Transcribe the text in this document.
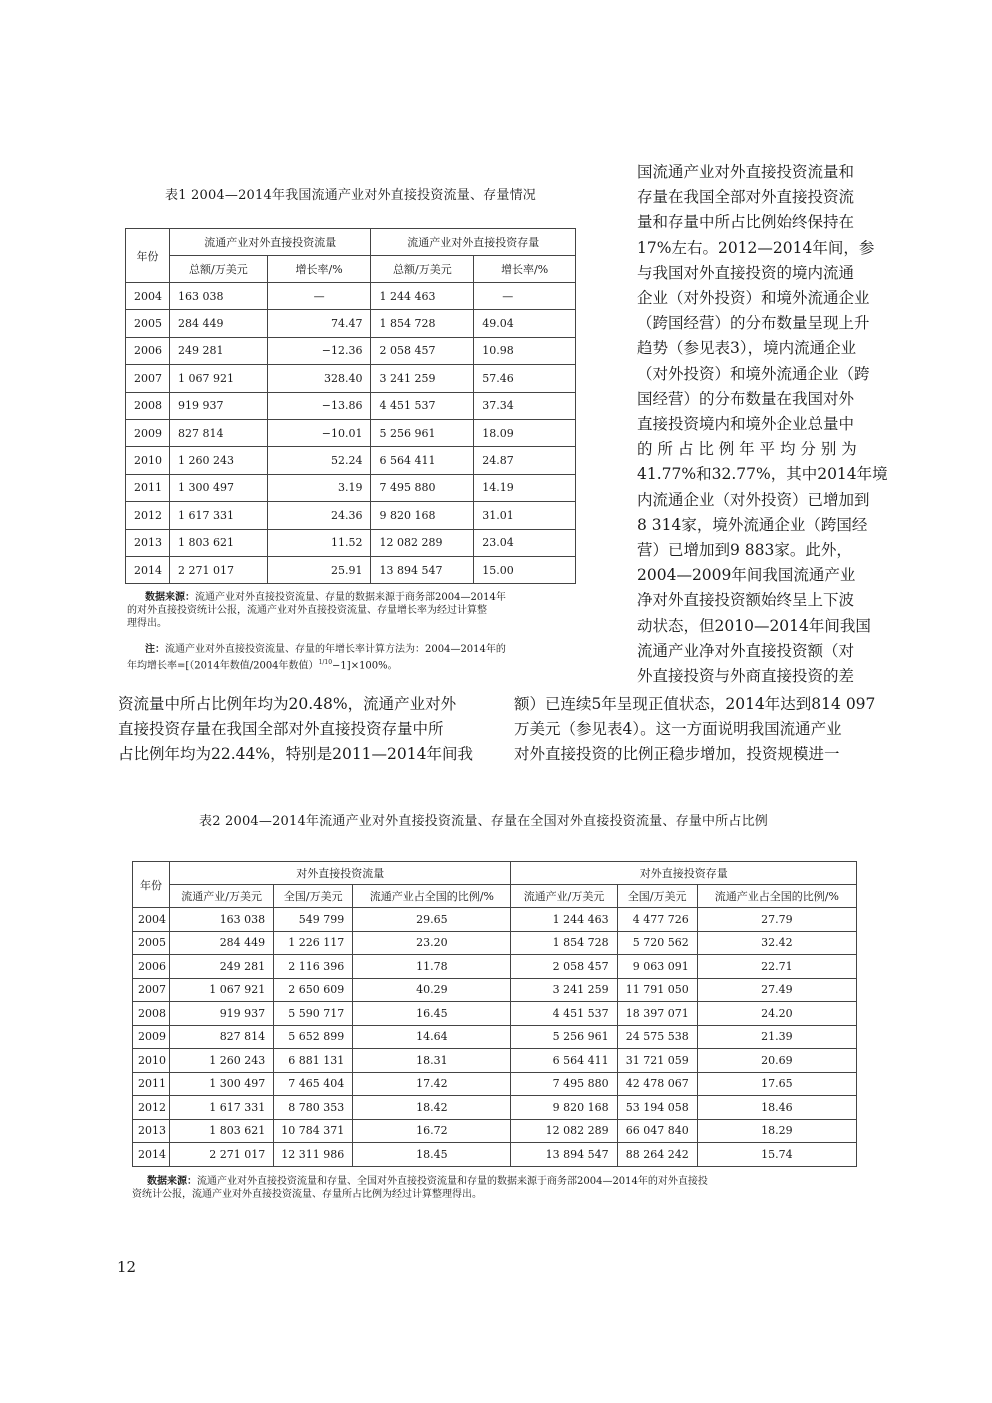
表1 2004—2014年我国流通产业对外直接投资流量、存量情况
年份	流通产业对外直接投资流量		流通产业对外直接投资存量	
	总额/万美元	增长率/%	总额/万美元	增长率/%
2004	163 038	—	1 244 463	—
2005	284 449	74.47	1 854 728	49.04
2006	249 281	−12.36	2 058 457	10.98
2007	1 067 921	328.40	3 241 259	57.46
2008	919 937	−13.86	4 451 537	37.34
2009	827 814	−10.01	5 256 961	18.09
2010	1 260 243	52.24	6 564 411	24.87
2011	1 300 497	3.19	7 495 880	14.19
2012	1 617 331	24.36	9 820 168	31.01
2013	1 803 621	11.52	12 082 289	23.04
2014	2 271 017	25.91	13 894 547	15.00
数据来源：流通产业对外直接投资流量、存量的数据来源于商务部2004—2014年
的对外直接投资统计公报，流通产业对外直接投资流量、存量增长率为经过计算整
理得出。
注：流通产业对外直接投资流量、存量的年增长率计算方法为：2004—2014年的
年均增长率=[（2014年数值/2004年数值）$^{1/10}$−1]×100%。
国流通产业对外直接投资流量和
存量在我国全部对外直接投资流
量和存量中所占比例始终保持在
17%左右。2012—2014年间，参
与我国对外直接投资的境内流通
企业（对外投资）和境外流通企业
（跨国经营）的分布数量呈现上升
趋势（参见表3），境内流通企业
（对外投资）和境外流通企业（跨
国经营）的分布数量在我国对外
直接投资境内和境外企业总量中
的 所 占 比 例 年 平 均 分 别 为
41.77%和32.77%，其中2014年境
内流通企业（对外投资）已增加到
8 314家，境外流通企业（跨国经
营）已增加到9 883家。此外，
2004—2009年间我国流通产业
净对外直接投资额始终呈上下波
动状态，但2010—2014年间我国
流通产业净对外直接投资额（对
外直接投资与外商直接投资的差
资流量中所占比例年均为20.48%，流通产业对外
直接投资存量在我国全部对外直接投资存量中所
占比例年均为22.44%，特别是2011—2014年间我
额）已连续5年呈现正值状态，2014年达到814 097
万美元（参见表4）。这一方面说明我国流通产业
对外直接投资的比例正稳步增加，投资规模进一
表2 2004—2014年流通产业对外直接投资流量、存量在全国对外直接投资流量、存量中所占比例
年份	对外直接投资流量			对外直接投资存量		
	流通产业/万美元	全国/万美元	流通产业占全国的比例/%	流通产业/万美元	全国/万美元	流通产业占全国的比例/%
2004	163 038	549 799	29.65	1 244 463	4 477 726	27.79
2005	284 449	1 226 117	23.20	1 854 728	5 720 562	32.42
2006	249 281	2 116 396	11.78	2 058 457	9 063 091	22.71
2007	1 067 921	2 650 609	40.29	3 241 259	11 791 050	27.49
2008	919 937	5 590 717	16.45	4 451 537	18 397 071	24.20
2009	827 814	5 652 899	14.64	5 256 961	24 575 538	21.39
2010	1 260 243	6 881 131	18.31	6 564 411	31 721 059	20.69
2011	1 300 497	7 465 404	17.42	7 495 880	42 478 067	17.65
2012	1 617 331	8 780 353	18.42	9 820 168	53 194 058	18.46
2013	1 803 621	10 784 371	16.72	12 082 289	66 047 840	18.29
2014	2 271 017	12 311 986	18.45	13 894 547	88 264 242	15.74
数据来源：流通产业对外直接投资流量和存量、全国对外直接投资流量和存量的数据来源于商务部2004—2014年的对外直接投
资统计公报，流通产业对外直接投资流量、存量所占比例为经过计算整理得出。
12
